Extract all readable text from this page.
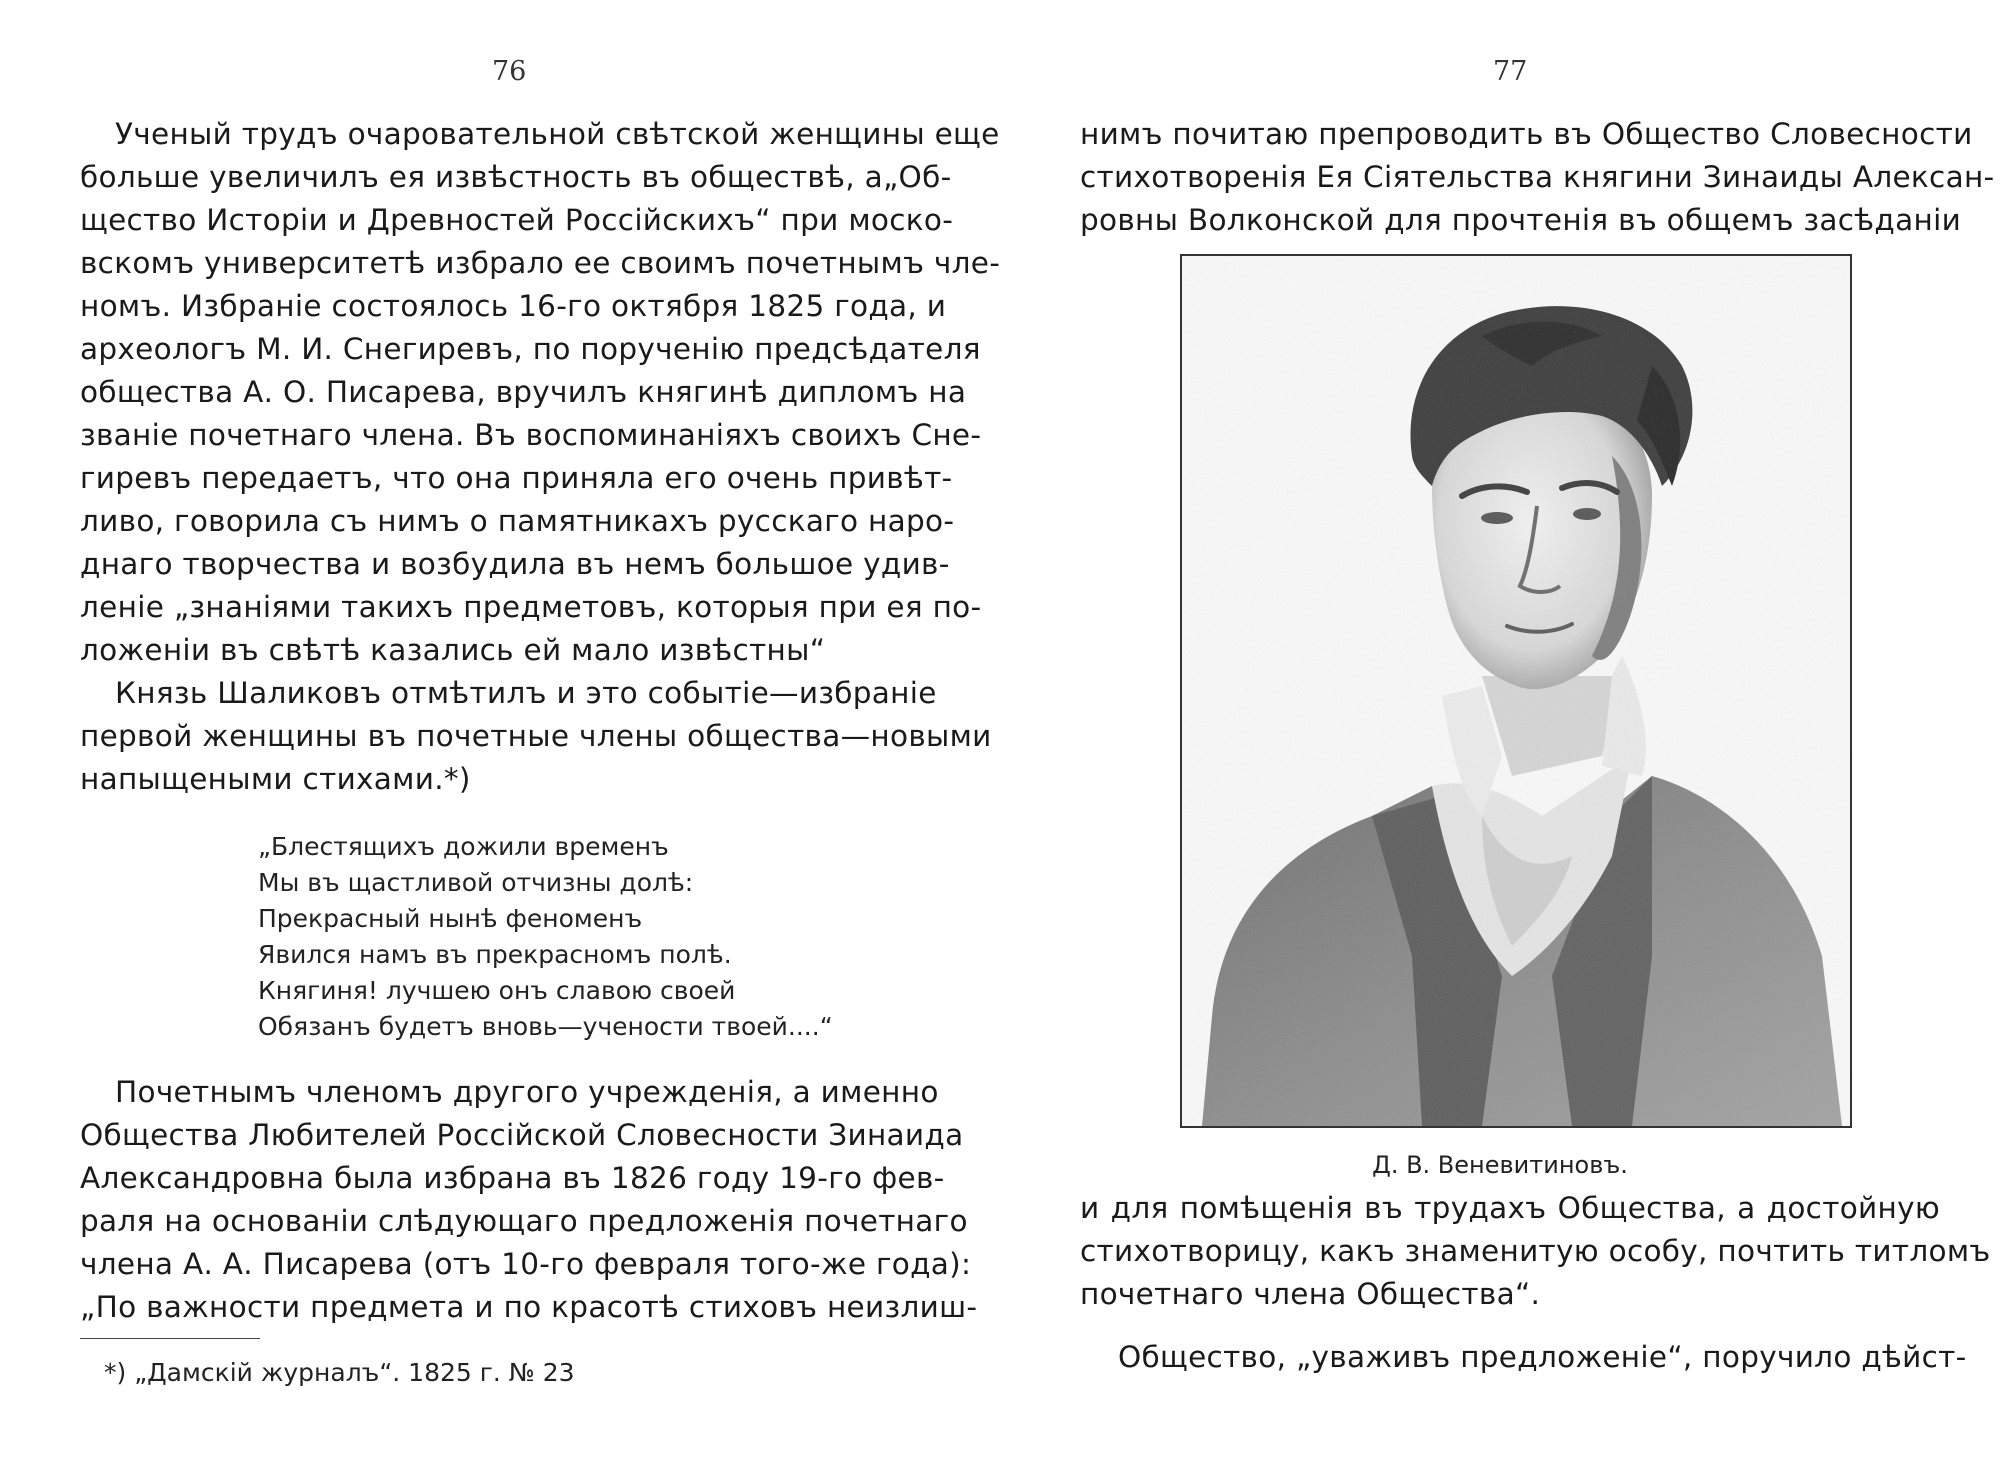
76
Ученый трудъ очаровательной свѣтской женщины еще
больше увеличилъ ея извѣстность въ обществѣ, а„Об-
щество Исторіи и Древностей Россійскихъ“ при моско-
вскомъ университетѣ избрало ее своимъ почетнымъ чле-
номъ. Избраніе состоялось 16-го октября 1825 года, и
археологъ М. И. Снегиревъ, по порученію предсѣдателя
общества А. О. Писарева, вручилъ княгинѣ дипломъ на
званіе почетнаго члена. Въ воспоминаніяхъ своихъ Сне-
гиревъ передаетъ, что она приняла его очень привѣт-
ливо, говорила съ нимъ о памятникахъ русскаго наро-
днаго творчества и возбудила въ немъ большое удив-
леніе „знаніями такихъ предметовъ, которыя при ея по-
ложеніи въ свѣтѣ казались ей мало извѣстны“
Князь Шаликовъ отмѣтилъ и это событіе—избраніе
первой женщины въ почетные члены общества—новыми
напыщеными стихами.*)
„Блестящихъ дожили временъ
Мы въ щастливой отчизны долѣ:
Прекрасный нынѣ феноменъ
Явился намъ въ прекрасномъ полѣ.
Княгиня! лучшею онъ славою своей
Обязанъ будетъ вновь—учености твоей....“
Почетнымъ членомъ другого учрежденія, а именно
Общества Любителей Россійской Словесности Зинаида
Александровна была избрана въ 1826 году 19-го фев-
раля на основаніи слѣдующаго предложенія почетнаго
члена А. А. Писарева (отъ 10-го февраля того-же года):
„По важности предмета и по красотѣ стиховъ неизлиш-
*) „Дамскій журналъ“. 1825 г. № 23
77
нимъ почитаю препроводить въ Общество Словесности
стихотворенія Ея Сіятельства княгини Зинаиды Алексан-
ровны Волконской для прочтенія въ общемъ засѣданіи
Д. В. Веневитиновъ.
и для помѣщенія въ трудахъ Общества, а достойную
стихотворицу, какъ знаменитую особу, почтить титломъ
почетнаго члена Общества“.
Общество, „уваживъ предложеніе“, поручило дѣйст-
